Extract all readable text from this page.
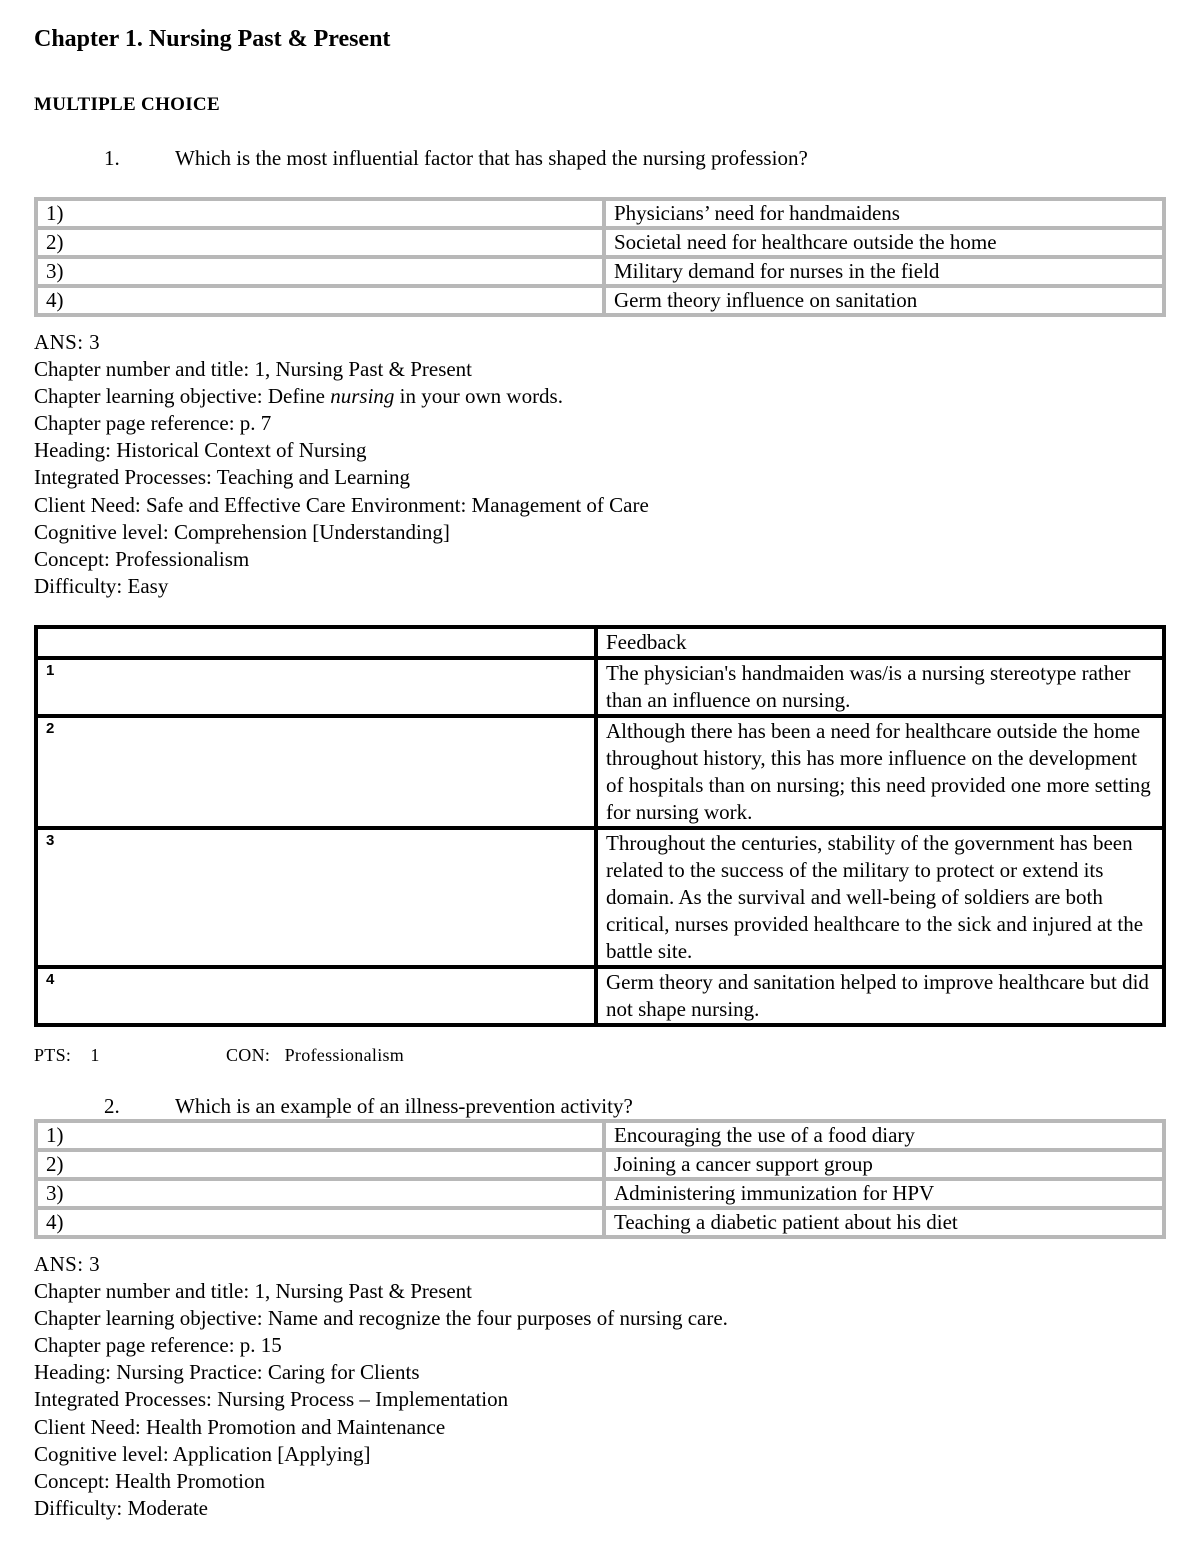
Chapter 1. Nursing Past & Present
MULTIPLE CHOICE
1.	Which is the most influential factor that has shaped the nursing profession?
1)	Physicians’ need for handmaidens
2)	Societal need for healthcare outside the home
3)	Military demand for nurses in the field
4)	Germ theory influence on sanitation
ANS: 3
Chapter number and title: 1, Nursing Past & Present
Chapter learning objective: Define nursing in your own words.
Chapter page reference: p. 7
Heading: Historical Context of Nursing
Integrated Processes: Teaching and Learning
Client Need: Safe and Effective Care Environment: Management of Care
Cognitive level: Comprehension [Understanding]
Concept: Professionalism
Difficulty: Easy
	Feedback
1	The physician's handmaiden was/is a nursing stereotype rather than an influence on nursing.
2	Although there has been a need for healthcare outside the home throughout history, this has more influence on the development of hospitals than on nursing; this need provided one more setting for nursing work.
3	Throughout the centuries, stability of the government has been related to the success of the military to protect or extend its domain. As the survival and well-being of soldiers are both critical, nurses provided healthcare to the sick and injured at the battle site.
4	Germ theory and sanitation helped to improve healthcare but did not shape nursing.
PTS:    1	CON:   Professionalism
2.	Which is an example of an illness-prevention activity?
1)	Encouraging the use of a food diary
2)	Joining a cancer support group
3)	Administering immunization for HPV
4)	Teaching a diabetic patient about his diet
ANS: 3
Chapter number and title: 1, Nursing Past & Present
Chapter learning objective: Name and recognize the four purposes of nursing care.
Chapter page reference: p. 15
Heading: Nursing Practice: Caring for Clients
Integrated Processes: Nursing Process – Implementation
Client Need: Health Promotion and Maintenance
Cognitive level: Application [Applying]
Concept: Health Promotion
Difficulty: Moderate
